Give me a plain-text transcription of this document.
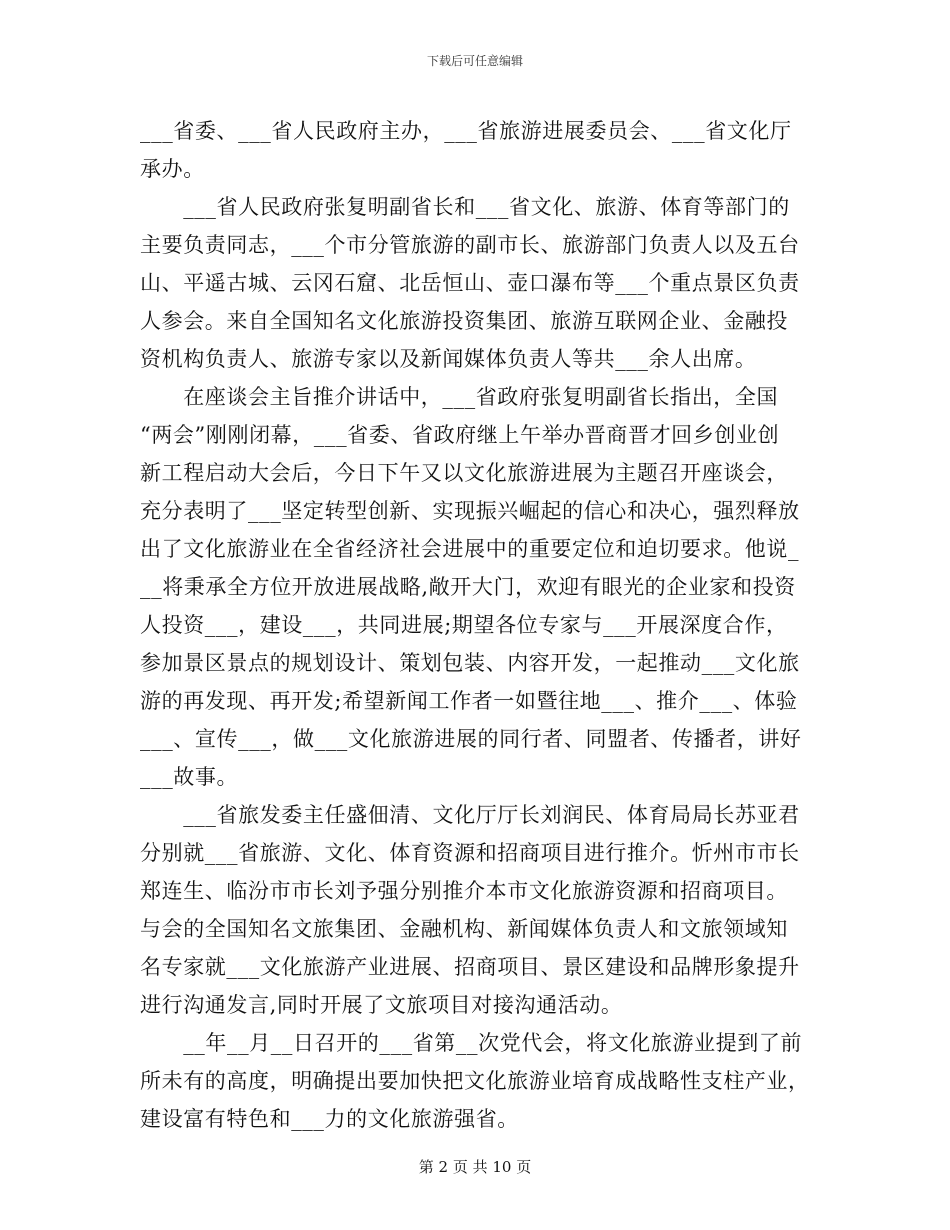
下载后可任意编辑
___省委、___省人民政府主办，___省旅游进展委员会、___省文化厅
承办。
　　___省人民政府张复明副省长和___省文化、旅游、体育等部门的
主要负责同志，___个市分管旅游的副市长、旅游部门负责人以及五台
山、平遥古城、云冈石窟、北岳恒山、壶口瀑布等___个重点景区负责
人参会。来自全国知名文化旅游投资集团、旅游互联网企业、金融投
资机构负责人、旅游专家以及新闻媒体负责人等共___余人出席。
　　在座谈会主旨推介讲话中，___省政府张复明副省长指出，全国
“两会”刚刚闭幕，___省委、省政府继上午举办晋商晋才回乡创业创
新工程启动大会后，今日下午又以文化旅游进展为主题召开座谈会，
充分表明了___坚定转型创新、实现振兴崛起的信心和决心，强烈释放
出了文化旅游业在全省经济社会进展中的重要定位和迫切要求。他说_
__将秉承全方位开放进展战略,敞开大门，欢迎有眼光的企业家和投资
人投资___，建设___，共同进展;期望各位专家与___开展深度合作，
参加景区景点的规划设计、策划包装、内容开发，一起推动___文化旅
游的再发现、再开发;希望新闻工作者一如暨往地___、推介___、体验
___、宣传___，做___文化旅游进展的同行者、同盟者、传播者，讲好
___故事。
　　___省旅发委主任盛佃清、文化厅厅长刘润民、体育局局长苏亚君
分别就___省旅游、文化、体育资源和招商项目进行推介。忻州市市长
郑连生、临汾市市长刘予强分别推介本市文化旅游资源和招商项目。
与会的全国知名文旅集团、金融机构、新闻媒体负责人和文旅领域知
名专家就___文化旅游产业进展、招商项目、景区建设和品牌形象提升
进行沟通发言,同时开展了文旅项目对接沟通活动。
　　__年__月__日召开的___省第__次党代会，将文化旅游业提到了前
所未有的高度，明确提出要加快把文化旅游业培育成战略性支柱产业，
建设富有特色和___力的文化旅游强省。
第 2 页 共 10 页
